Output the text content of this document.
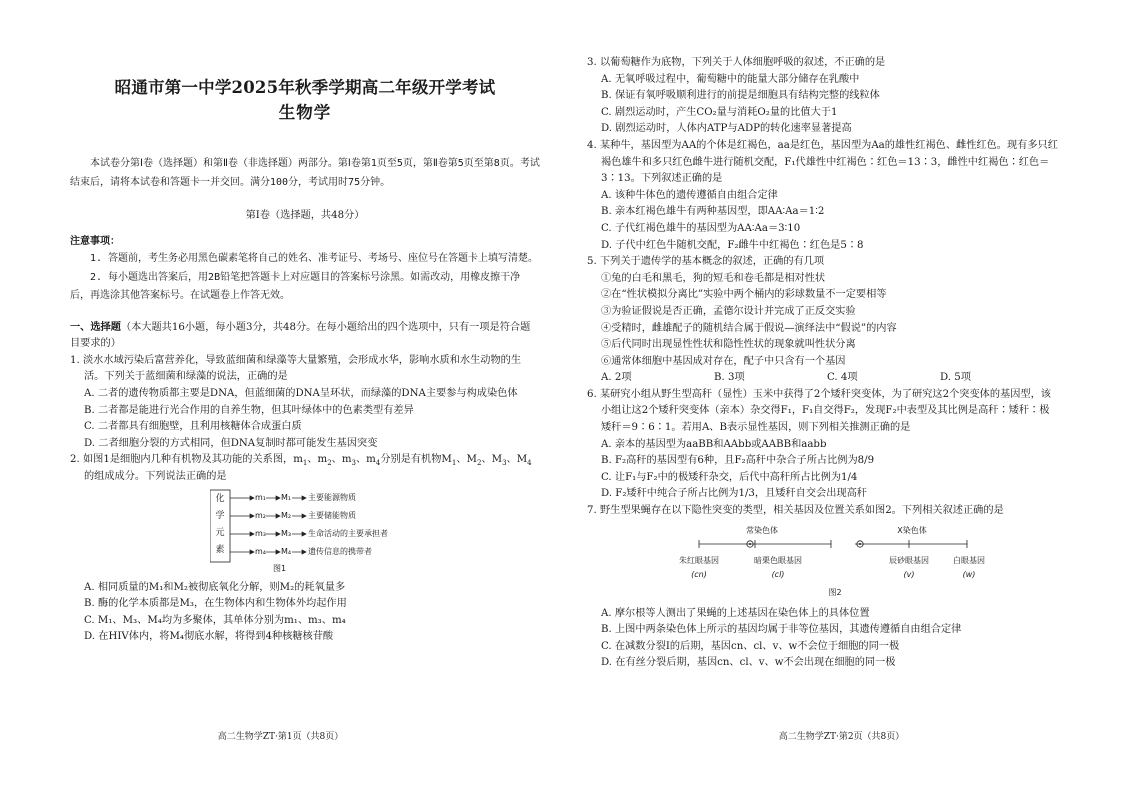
昭通市第一中学2025年秋季学期高二年级开学考试
生物学
本试卷分第Ⅰ卷（选择题）和第Ⅱ卷（非选择题）两部分。第Ⅰ卷第1页至5页，第Ⅱ卷第5页至第8页。考试结束后，请将本试卷和答题卡一并交回。满分100分，考试用时75分钟。
第Ⅰ卷（选择题，共48分）
注意事项：
1. 答题前，考生务必用黑色碳素笔将自己的姓名、准考证号、考场号、座位号在答题卡上填写清楚。
2. 每小题选出答案后，用2B铅笔把答题卡上对应题目的答案标号涂黑。如需改动，用橡皮擦干净后，再选涂其他答案标号。在试题卷上作答无效。
一、选择题（本大题共16小题，每小题3分，共48分。在每小题给出的四个选项中，只有一项是符合题目要求的）
1. 淡水水域污染后富营养化，导致蓝细菌和绿藻等大量繁殖，会形成水华，影响水质和水生动物的生活。下列关于蓝细菌和绿藻的说法，正确的是
A. 二者的遗传物质都主要是DNA，但蓝细菌的DNA呈环状，而绿藻的DNA主要参与构成染色体
B. 二者都是能进行光合作用的自养生物，但其叶绿体中的色素类型有差异
C. 二者都具有细胞壁，且利用核糖体合成蛋白质
D. 二者细胞分裂的方式相同，但DNA复制时都可能发生基因突变
2. 如图1是细胞内几种有机物及其功能的关系图，$m_1$、$m_2$、$m_3$、$m_4$分别是有机物$M_1$、$M_2$、$M_3$、$M_4$的组成成分。下列说法正确的是
化
学
元
素
m₁ M₁ 主要能源物质
m₂ M₂ 主要储能物质
m₃ M₃ 生命活动的主要承担者
m₄ M₄ 遗传信息的携带者
图1
A. 相同质量的M₁和M₂被彻底氧化分解，则M₂的耗氧量多
B. 酶的化学本质都是M₃，在生物体内和生物体外均起作用
C. M₁、M₃、M₄均为多聚体，其单体分别为m₁、m₃、m₄
D. 在HIV体内，将M₄彻底水解，将得到4种核糖核苷酸
高二生物学ZT·第1页（共8页）
3. 以葡萄糖作为底物，下列关于人体细胞呼吸的叙述，不正确的是
A. 无氧呼吸过程中，葡萄糖中的能量大部分储存在乳酸中
B. 保证有氧呼吸顺利进行的前提是细胞具有结构完整的线粒体
C. 剧烈运动时，产生CO₂量与消耗O₂量的比值大于1
D. 剧烈运动时，人体内ATP与ADP的转化速率显著提高
4. 某种牛，基因型为AA的个体是红褐色，aa是红色，基因型为Aa的雄性红褐色、雌性红色。现有多只红褐色雄牛和多只红色雌牛进行随机交配，F₁代雄性中红褐色∶红色＝13∶3，雌性中红褐色∶红色＝3∶13。下列叙述正确的是
A. 该种牛体色的遗传遵循自由组合定律
B. 亲本红褐色雄牛有两种基因型，即AA∶Aa＝1∶2
C. 子代红褐色雄牛的基因型为AA∶Aa＝3∶10
D. 子代中红色牛随机交配，F₂雌牛中红褐色∶红色是5∶8
5. 下列关于遗传学的基本概念的叙述，正确的有几项
①兔的白毛和黑毛，狗的短毛和卷毛都是相对性状
②在“性状模拟分离比”实验中两个桶内的彩球数量不一定要相等
③为验证假说是否正确，孟德尔设计并完成了正反交实验
④受精时，雌雄配子的随机结合属于假说—演绎法中“假说”的内容
⑤后代同时出现显性性状和隐性性状的现象就叫性状分离
⑥通常体细胞中基因成对存在，配子中只含有一个基因
A. 2项	B. 3项	C. 4项	D. 5项
6. 某研究小组从野生型高秆（显性）玉米中获得了2个矮秆突变体，为了研究这2个突变体的基因型，该小组让这2个矮秆突变体（亲本）杂交得F₁，F₁自交得F₂，发现F₂中表型及其比例是高秆∶矮秆∶极矮秆＝9∶6∶1。若用A、B表示显性基因，则下列相关推测正确的是
A. 亲本的基因型为aaBB和AAbb或AABB和aabb
B. F₂高秆的基因型有6种，且F₂高秆中杂合子所占比例为8/9
C. 让F₁与F₂中的极矮秆杂交，后代中高秆所占比例为1/4
D. F₂矮秆中纯合子所占比例为1/3，且矮秆自交会出现高秆
7. 野生型果蝇存在以下隐性突变的类型，相关基因及位置关系如图2。下列相关叙述正确的是
常染色体	X染色体
朱红眼基因
(cn)
暗栗色眼基因
(cl)
辰砂眼基因
(v)
白眼基因
(w)
图2
A. 摩尔根等人测出了果蝇的上述基因在染色体上的具体位置
B. 上图中两条染色体上所示的基因均属于非等位基因，其遗传遵循自由组合定律
C. 在减数分裂Ⅰ的后期，基因cn、cl、v、w不会位于细胞的同一极
D. 在有丝分裂后期，基因cn、cl、v、w不会出现在细胞的同一极
高二生物学ZT·第2页（共8页）
